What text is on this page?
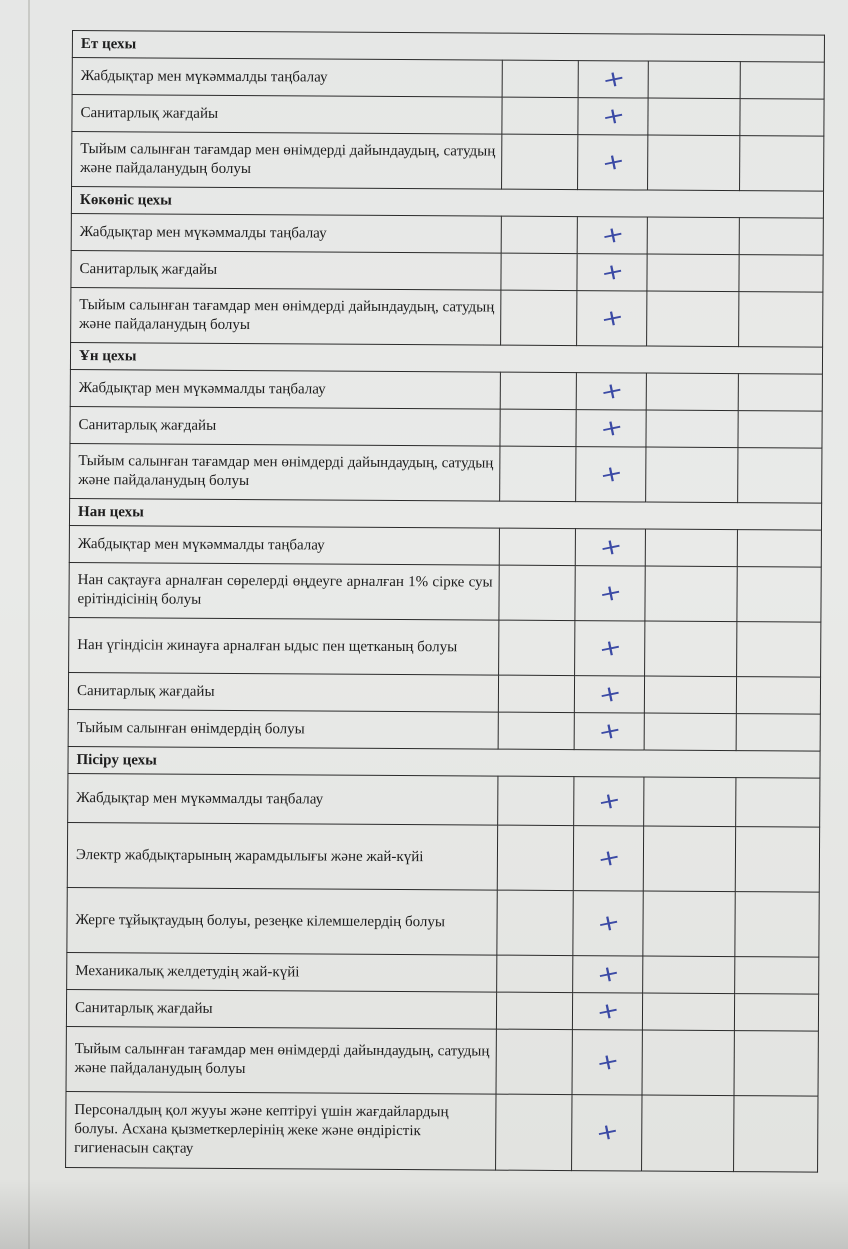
Ет цехы				
Жабдықтар мен мүкәммалды таңбалау		+		
Санитарлық жағдайы		+		
Тыйым салынған тағамдар мен өнімдерді дайындаудың, сатудың және пайдаланудың болуы		+		
Көкөніс цехы				
Жабдықтар мен мүкәммалды таңбалау		+		
Санитарлық жағдайы		+		
Тыйым салынған тағамдар мен өнімдерді дайындаудың, сатудың және пайдаланудың болуы		+		
Ұн цехы				
Жабдықтар мен мүкәммалды таңбалау		+		
Санитарлық жағдайы		+		
Тыйым салынған тағамдар мен өнімдерді дайындаудың, сатудың және пайдаланудың болуы		+		
Нан цехы				
Жабдықтар мен мүкәммалды таңбалау		+		
Нан сақтауға арналған сөрелерді өңдеуге арналған 1% сірке суы ерітіндісінің болуы		+		
Нан үгіндісін жинауға арналған ыдыс пен щетканың болуы		+		
Санитарлық жағдайы		+		
Тыйым салынған өнімдердің болуы		+		
Пісіру цехы				
Жабдықтар мен мүкәммалды таңбалау		+		
Электр жабдықтарының жарамдылығы және жай-күйі		+		
Жерге тұйықтаудың болуы, резеңке кілемшелердің болуы		+		
Механикалық желдетудің жай-күйі		+		
Санитарлық жағдайы		+		
Тыйым салынған тағамдар мен өнімдерді дайындаудың, сатудың және пайдаланудың болуы		+		
Персоналдың қол жууы және кептіруі үшін жағдайлардың болуы. Асхана қызметкерлерінің жеке және өндірістік гигиенасын сақтау		+		
